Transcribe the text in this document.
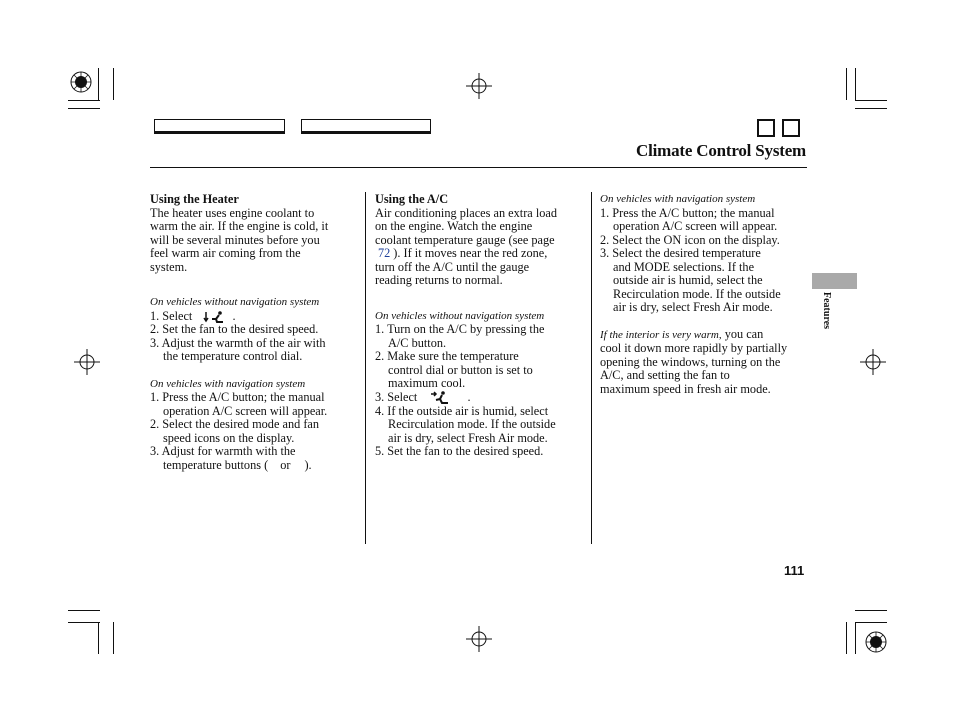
Climate Control System
Features

Using the Heater

The heater uses engine coolant to

warm the air. If the engine is cold, it

will be several minutes before you

feel warm air coming from the

system.

On vehicles without navigation system

1. Select	.

2. Set the fan to the desired speed.

3. Adjust the warmth of the air with

the temperature control dial.

On vehicles with navigation system

1. Press the A/C button; the manual

operation A/C screen will appear.

2. Select the desired mode and fan

speed icons on the display.

3. Adjust for warmth with the

temperature buttons ( or ).

Using the A/C

Air conditioning places an extra load

on the engine. Watch the engine

coolant temperature gauge (see page

72 ). If it moves near the red zone,

turn off the A/C until the gauge

reading returns to normal.

On vehicles without navigation system

1. Turn on the A/C by pressing the

A/C button.

2. Make sure the temperature

control dial or button is set to

maximum cool.

3. Select	.

4. If the outside air is humid, select

Recirculation mode. If the outside

air is dry, select Fresh Air mode.

5. Set the fan to the desired speed.

On vehicles with navigation system

1. Press the A/C button; the manual

operation A/C screen will appear.

2. Select the ON icon on the display.

3. Select the desired temperature

and MODE selections. If the

outside air is humid, select the

Recirculation mode. If the outside

air is dry, select Fresh Air mode.

If the interior is very warm, you can

cool it down more rapidly by partially

opening the windows, turning on the

A/C, and setting the fan to

maximum speed in fresh air mode.

111
